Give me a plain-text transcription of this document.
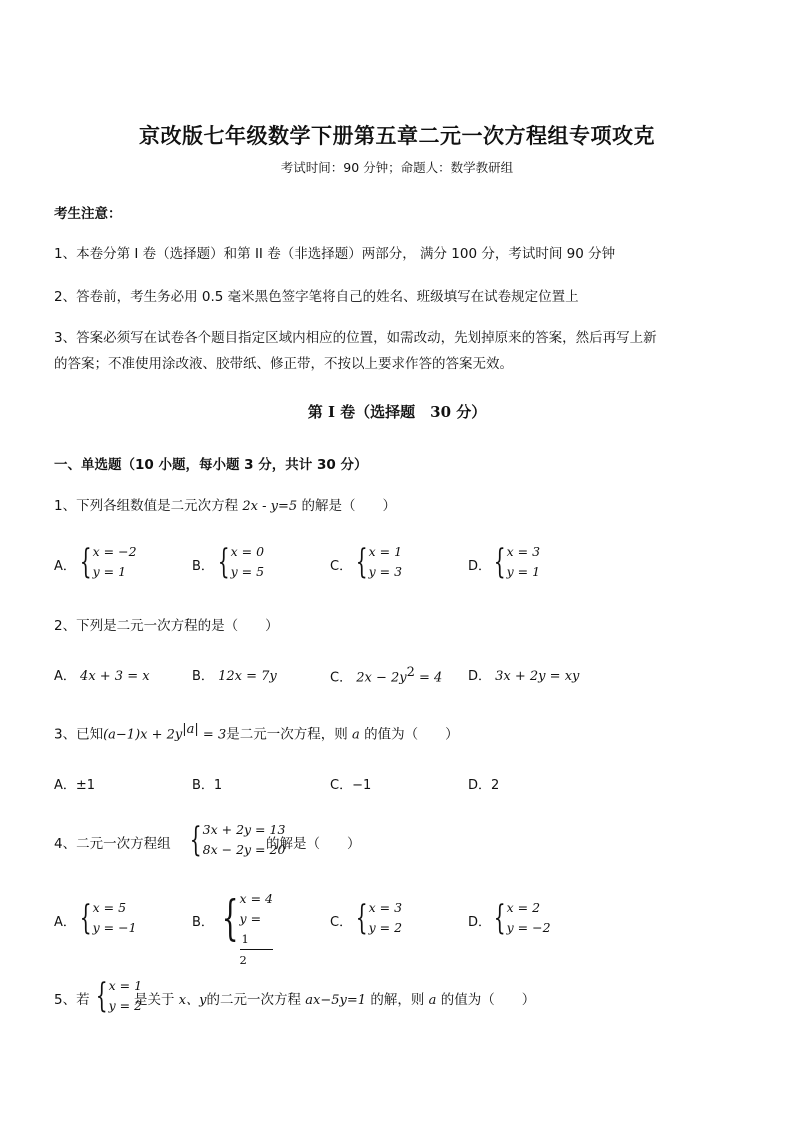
京改版七年级数学下册第五章二元一次方程组专项攻克
考试时间：90 分钟；命题人：数学教研组
考生注意：
1、本卷分第 I 卷（选择题）和第 II 卷（非选择题）两部分， 满分 100 分，考试时间 90 分钟
2、答卷前，考生务必用 0.5 毫米黑色签字笔将自己的姓名、班级填写在试卷规定位置上
3、答案必须写在试卷各个题目指定区域内相应的位置，如需改动，先划掉原来的答案，然后再写上新
的答案；不准使用涂改液、胶带纸、修正带，不按以上要求作答的答案无效。
第 I 卷（选择题　30 分）
一、单选题（10 小题，每小题 3 分，共计 30 分）
1、下列各组数值是二元次方程 2x - y=5 的解是（　　）
A． { x = −2
y = 1	B． { x = 0
y = 5	C． { x = 1
y = 3	D． { x = 3
y = 1
2、下列是二元一次方程的是（　　）
A． 4x + 3 = x	B． 12x = 7y	C． $2x - 2y^2 = 4$ D． 3x + 2y = xy
3、已知$(a-1)x + 2y^{|a|} = 3$是二元一次方程，则 a 的值为（　　）
A．±1	B．1	C．−1	D．2
4、二元一次方程组 { 3x + 2y = 13
8x − 2y = 20
的解是（　　）
A． { x = 5
y = −1	B． { x = 4
y =
1
2
C． { x = 3
y = 2	D． { x = 2
y = −2
5、若 { x = 1
y = 2
是关于 x、y的二元一次方程 ax−5y=1 的解，则 a 的值为（　　）
